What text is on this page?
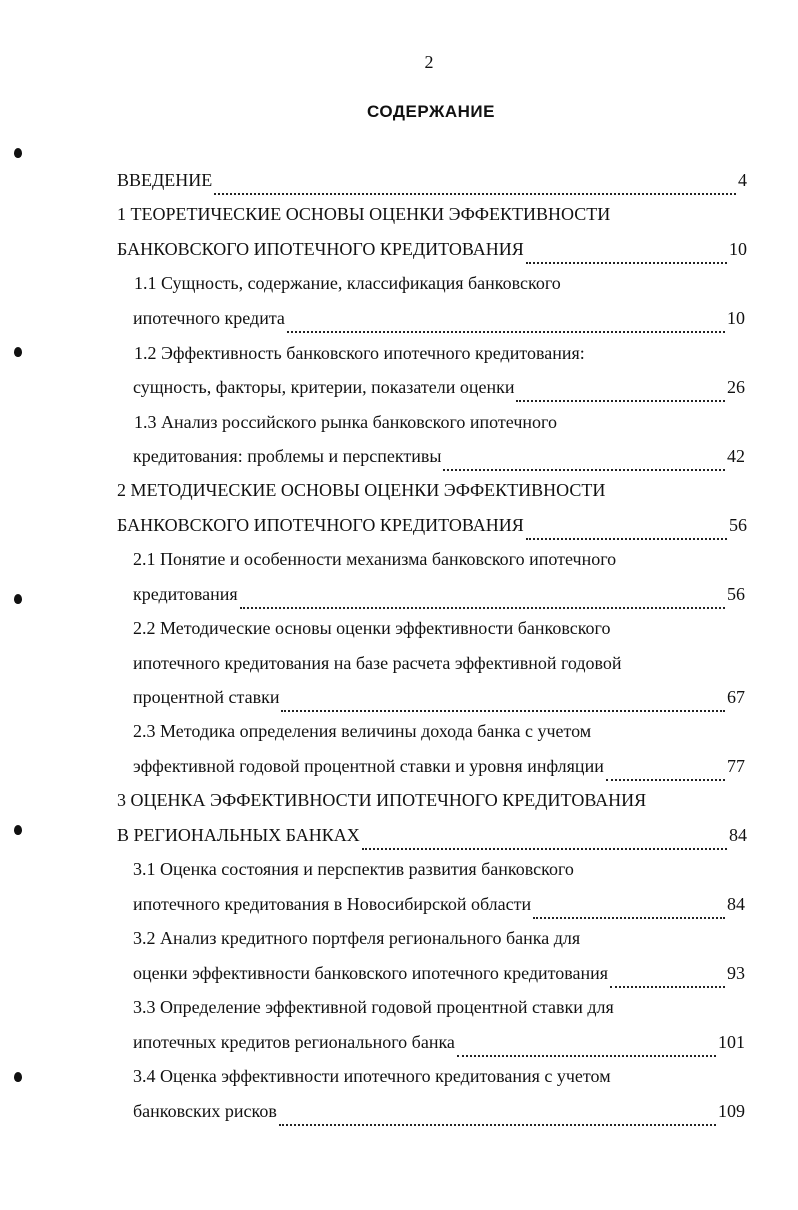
2
СОДЕРЖАНИЕ
ВВЕДЕНИЕ	4
1 ТЕОРЕТИЧЕСКИЕ ОСНОВЫ ОЦЕНКИ ЭФФЕКТИВНОСТИ
БАНКОВСКОГО ИПОТЕЧНОГО КРЕДИТОВАНИЯ	10
1.1 Сущность, содержание, классификация банковского
ипотечного кредита	10
1.2 Эффективность банковского ипотечного кредитования:
сущность, факторы, критерии, показатели оценки	26
1.3 Анализ российского рынка банковского ипотечного
кредитования: проблемы и перспективы	42
2 МЕТОДИЧЕСКИЕ ОСНОВЫ ОЦЕНКИ ЭФФЕКТИВНОСТИ
БАНКОВСКОГО ИПОТЕЧНОГО КРЕДИТОВАНИЯ	56
2.1 Понятие и особенности механизма банковского ипотечного
кредитования	56
2.2 Методические основы оценки эффективности банковского
ипотечного кредитования на базе расчета эффективной годовой
процентной ставки	67
2.3 Методика определения величины дохода банка с учетом
эффективной годовой процентной ставки и уровня инфляции	77
3 ОЦЕНКА ЭФФЕКТИВНОСТИ ИПОТЕЧНОГО КРЕДИТОВАНИЯ
В РЕГИОНАЛЬНЫХ БАНКАХ	84
3.1 Оценка состояния и перспектив развития банковского
ипотечного кредитования в Новосибирской области	84
3.2 Анализ кредитного портфеля регионального банка для
оценки эффективности банковского ипотечного кредитования	93
3.3 Определение эффективной годовой процентной ставки для
ипотечных кредитов регионального банка	101
3.4 Оценка эффективности ипотечного кредитования с учетом
банковских рисков	109
